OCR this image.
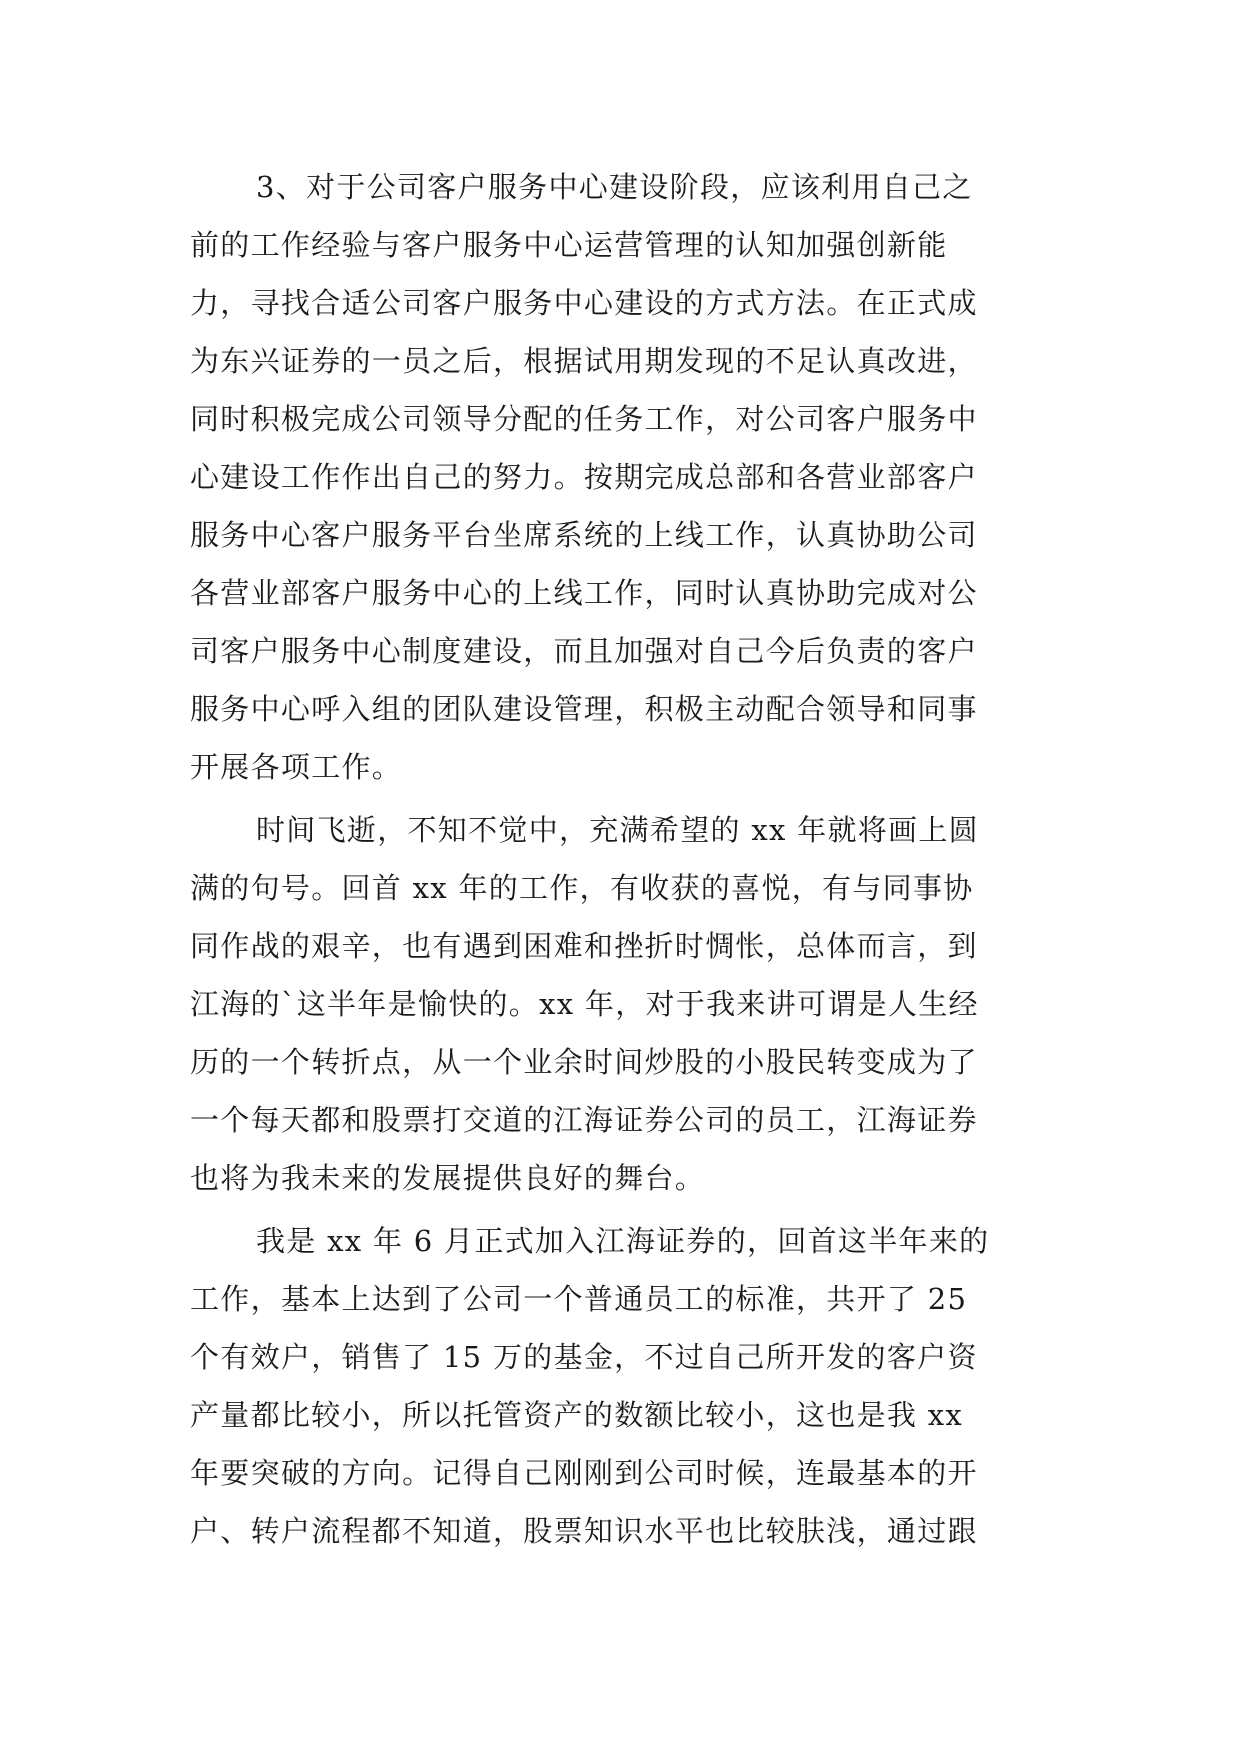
3、对于公司客户服务中心建设阶段，应该利用自己之
前的工作经验与客户服务中心运营管理的认知加强创新能
力，寻找合适公司客户服务中心建设的方式方法。在正式成
为东兴证券的一员之后，根据试用期发现的不足认真改进，
同时积极完成公司领导分配的任务工作，对公司客户服务中
心建设工作作出自己的努力。按期完成总部和各营业部客户
服务中心客户服务平台坐席系统的上线工作，认真协助公司
各营业部客户服务中心的上线工作，同时认真协助完成对公
司客户服务中心制度建设，而且加强对自己今后负责的客户
服务中心呼入组的团队建设管理，积极主动配合领导和同事
开展各项工作。
时间飞逝，不知不觉中，充满希望的 xx 年就将画上圆
满的句号。回首 xx 年的工作，有收获的喜悦，有与同事协
同作战的艰辛，也有遇到困难和挫折时惆怅，总体而言，到
江海的`这半年是愉快的。xx 年，对于我来讲可谓是人生经
历的一个转折点，从一个业余时间炒股的小股民转变成为了
一个每天都和股票打交道的江海证券公司的员工，江海证券
也将为我未来的发展提供良好的舞台。
我是 xx 年 6 月正式加入江海证券的，回首这半年来的
工作，基本上达到了公司一个普通员工的标准，共开了 25
个有效户，销售了 15 万的基金，不过自己所开发的客户资
产量都比较小，所以托管资产的数额比较小，这也是我 xx
年要突破的方向。记得自己刚刚到公司时候，连最基本的开
户、转户流程都不知道，股票知识水平也比较肤浅，通过跟
